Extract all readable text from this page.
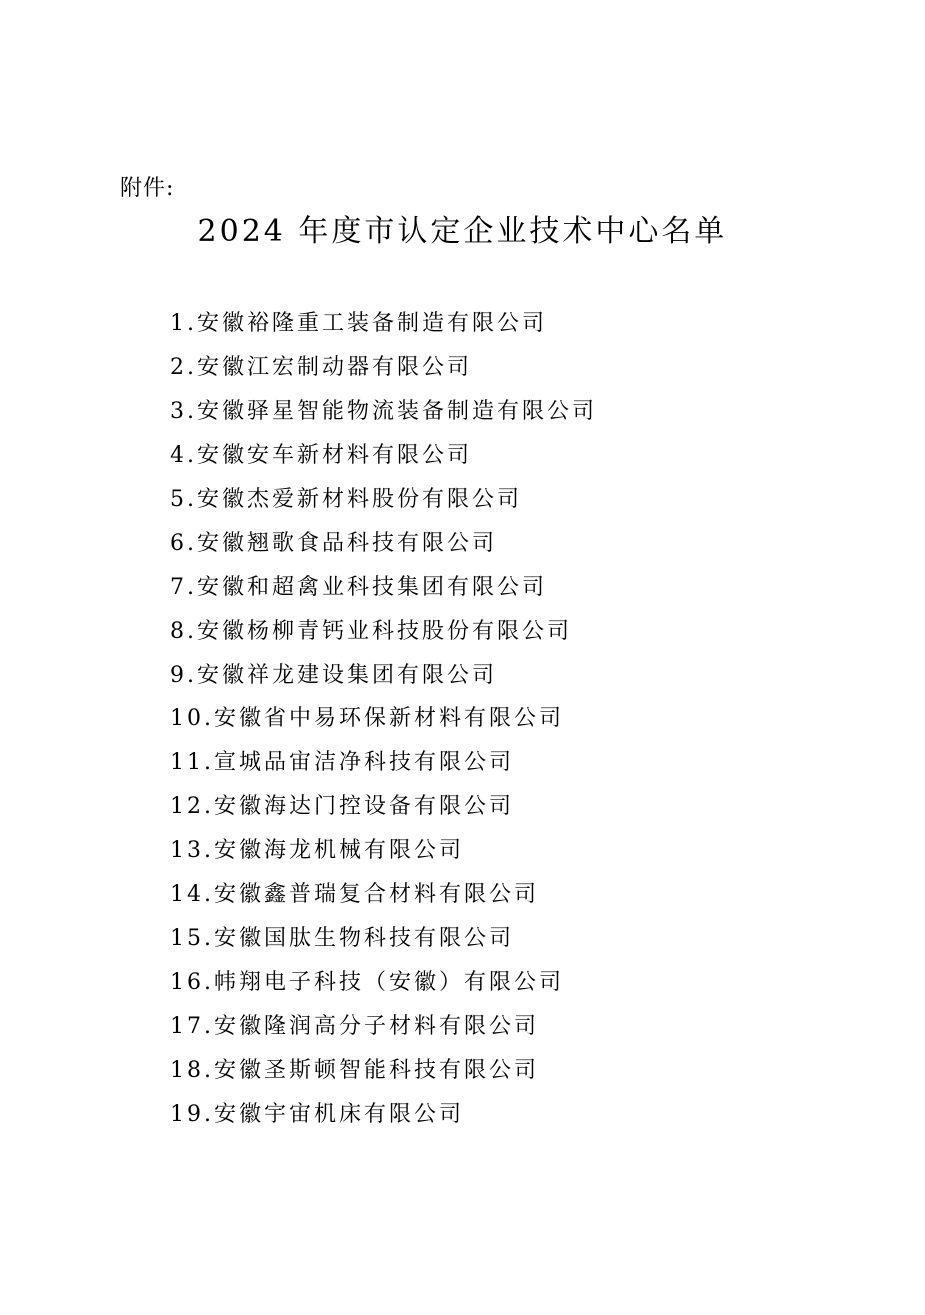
附件:
2024 年度市认定企业技术中心名单
1.安徽裕隆重工装备制造有限公司
2.安徽江宏制动器有限公司
3.安徽驿星智能物流装备制造有限公司
4.安徽安车新材料有限公司
5.安徽杰爱新材料股份有限公司
6.安徽翘歌食品科技有限公司
7.安徽和超禽业科技集团有限公司
8.安徽杨柳青钙业科技股份有限公司
9.安徽祥龙建设集团有限公司
10.安徽省中易环保新材料有限公司
11.宣城品宙洁净科技有限公司
12.安徽海达门控设备有限公司
13.安徽海龙机械有限公司
14.安徽鑫普瑞复合材料有限公司
15.安徽国肽生物科技有限公司
16.帏翔电子科技（安徽）有限公司
17.安徽隆润高分子材料有限公司
18.安徽圣斯顿智能科技有限公司
19.安徽宇宙机床有限公司
